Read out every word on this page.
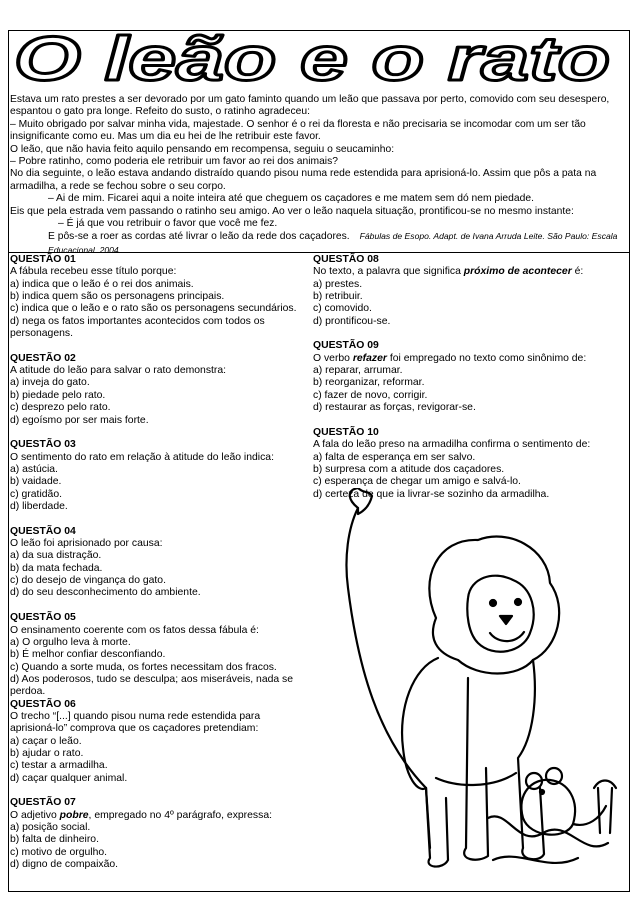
O leão e o rato

Estava um rato prestes a ser devorado por um gato faminto quando um leão que passava por perto, comovido com seu desespero, espantou o gato pra longe. Refeito do susto, o ratinho agradeceu:

– Muito obrigado por salvar minha vida, majestade. O senhor é o rei da floresta e não precisaria se incomodar com um ser tão insignificante como eu. Mas um dia eu hei de lhe retribuir este favor.

O leão, que não havia feito aquilo pensando em recompensa, seguiu o seucaminho:

– Pobre ratinho, como poderia ele retribuir um favor ao rei dos animais?

No dia seguinte, o leão estava andando distraído quando pisou numa rede estendida para aprisioná-lo. Assim que pôs a pata na armadilha, a rede se fechou sobre o seu corpo.

– Ai de mim. Ficarei aqui a noite inteira até que cheguem os caçadores e me matem sem dó nem piedade.

Eis que pela estrada vem passando o ratinho seu amigo. Ao ver o leão naquela situação, prontificou-se no mesmo instante:

– É já que vou retribuir o favor que você me fez.

E pôs-se a roer as cordas até livrar o leão da rede dos caçadores. Fábulas de Esopo. Adapt. de Ivana Arruda Leite. São Paulo: Escala Educacional. 2004.

QUESTÃO 01
A fábula recebeu esse título porque:
a) indica que o leão é o rei dos animais.
b) indica quem são os personagens principais.
c) indica que o leão e o rato são os personagens secundários.
d) nega os fatos importantes acontecidos com todos os personagens.
QUESTÃO 02
A atitude do leão para salvar o rato demonstra:
a) inveja do gato.
b) piedade pelo rato.
c) desprezo pelo rato.
d) egoísmo por ser mais forte.
QUESTÃO 03
O sentimento do rato em relação à atitude do leão indica:
a) astúcia.
b) vaidade.
c) gratidão.
d) liberdade.
QUESTÃO 04
O leão foi aprisionado por causa:
a) da sua distração.
b) da mata fechada.
c) do desejo de vingança do gato.
d) do seu desconhecimento do ambiente.
QUESTÃO 05
O ensinamento coerente com os fatos dessa fábula é:
a) O orgulho leva à morte.
b) É melhor confiar desconfiando.
c) Quando a sorte muda, os fortes necessitam dos fracos.
d) Aos poderosos, tudo se desculpa; aos miseráveis, nada se perdoa.
QUESTÃO 06
O trecho “[...] quando pisou numa rede estendida para aprisioná-lo” comprova que os caçadores pretendiam:
a) caçar o leão.
b) ajudar o rato.
c) testar a armadilha.
d) caçar qualquer animal.
QUESTÃO 07
O adjetivo pobre, empregado no 4º parágrafo, expressa:
a) posição social.
b) falta de dinheiro.
c) motivo de orgulho.
d) digno de compaixão.
QUESTÃO 08
No texto, a palavra que significa próximo de acontecer é:
a) prestes.
b) retribuir.
c) comovido.
d) prontificou-se.
QUESTÃO 09
O verbo refazer foi empregado no texto como sinônimo de:
a) reparar, arrumar.
b) reorganizar, reformar.
c) fazer de novo, corrigir.
d) restaurar as forças, revigorar-se.
QUESTÃO 10
A fala do leão preso na armadilha confirma o sentimento de:
a) falta de esperança em ser salvo.
b) surpresa com a atitude dos caçadores.
c) esperança de chegar um amigo e salvá-lo.
d) certeza de que ia livrar-se sozinho da armadilha.
